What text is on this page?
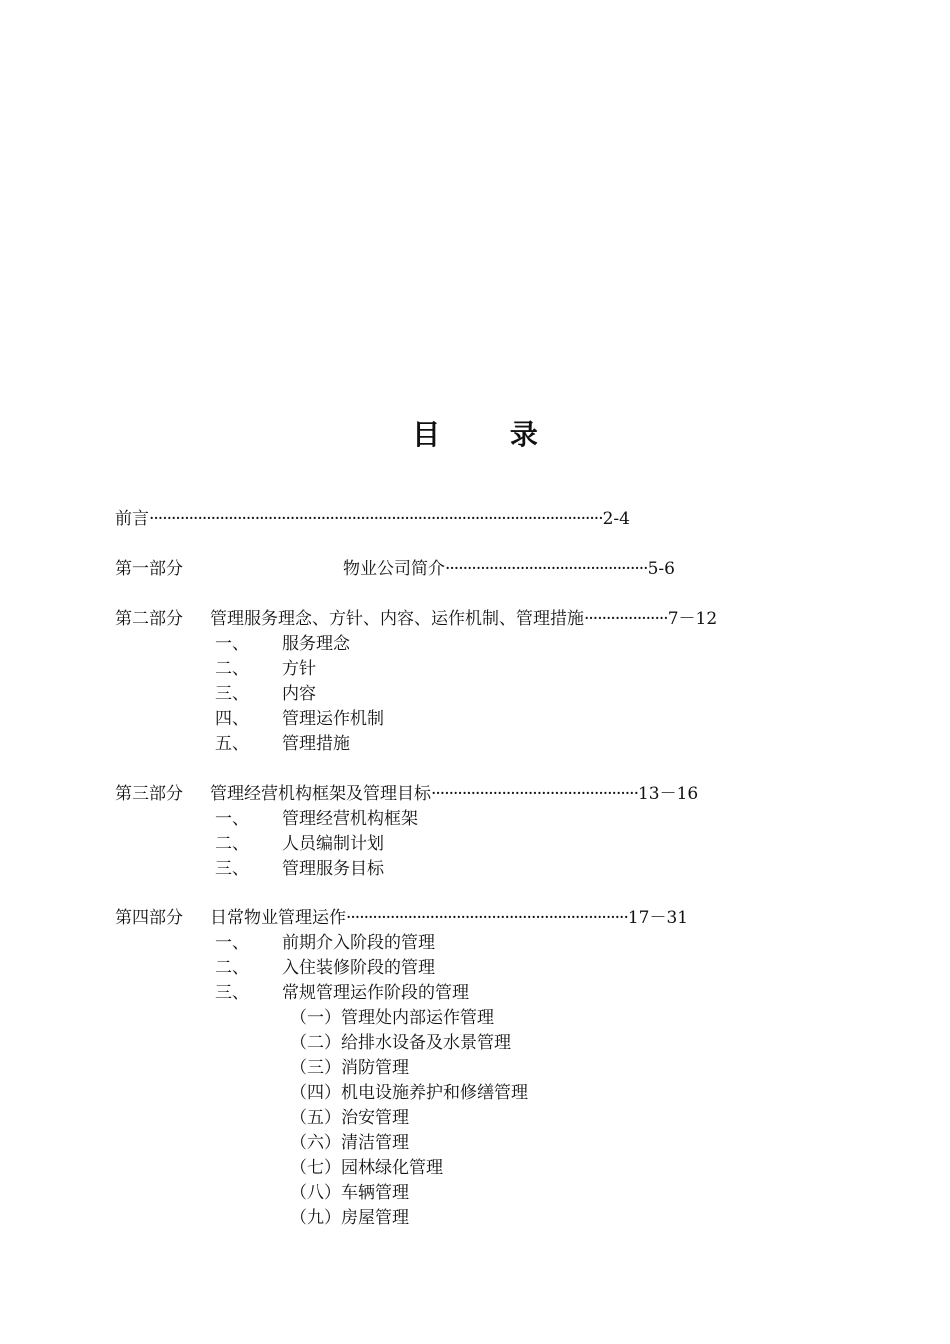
目 录
前言·······································································································2-4
第一部分	物业公司简介··············································5-6
第二部分 管理服务理念、方针、内容、运作机制、管理措施···················7－12
一、 服务理念
二、 方针
三、 内容
四、 管理运作机制
五、 管理措施
第三部分 管理经营机构框架及管理目标···············································13－16
一、 管理经营机构框架
二、 人员编制计划
三、 管理服务目标
第四部分 日常物业管理运作································································17－31
一、 前期介入阶段的管理
二、 入住装修阶段的管理
三、 常规管理运作阶段的管理
（一）管理处内部运作管理
（二）给排水设备及水景管理
（三）消防管理
（四）机电设施养护和修缮管理
（五）治安管理
（六）清洁管理
（七）园林绿化管理
（八）车辆管理
（九）房屋管理
